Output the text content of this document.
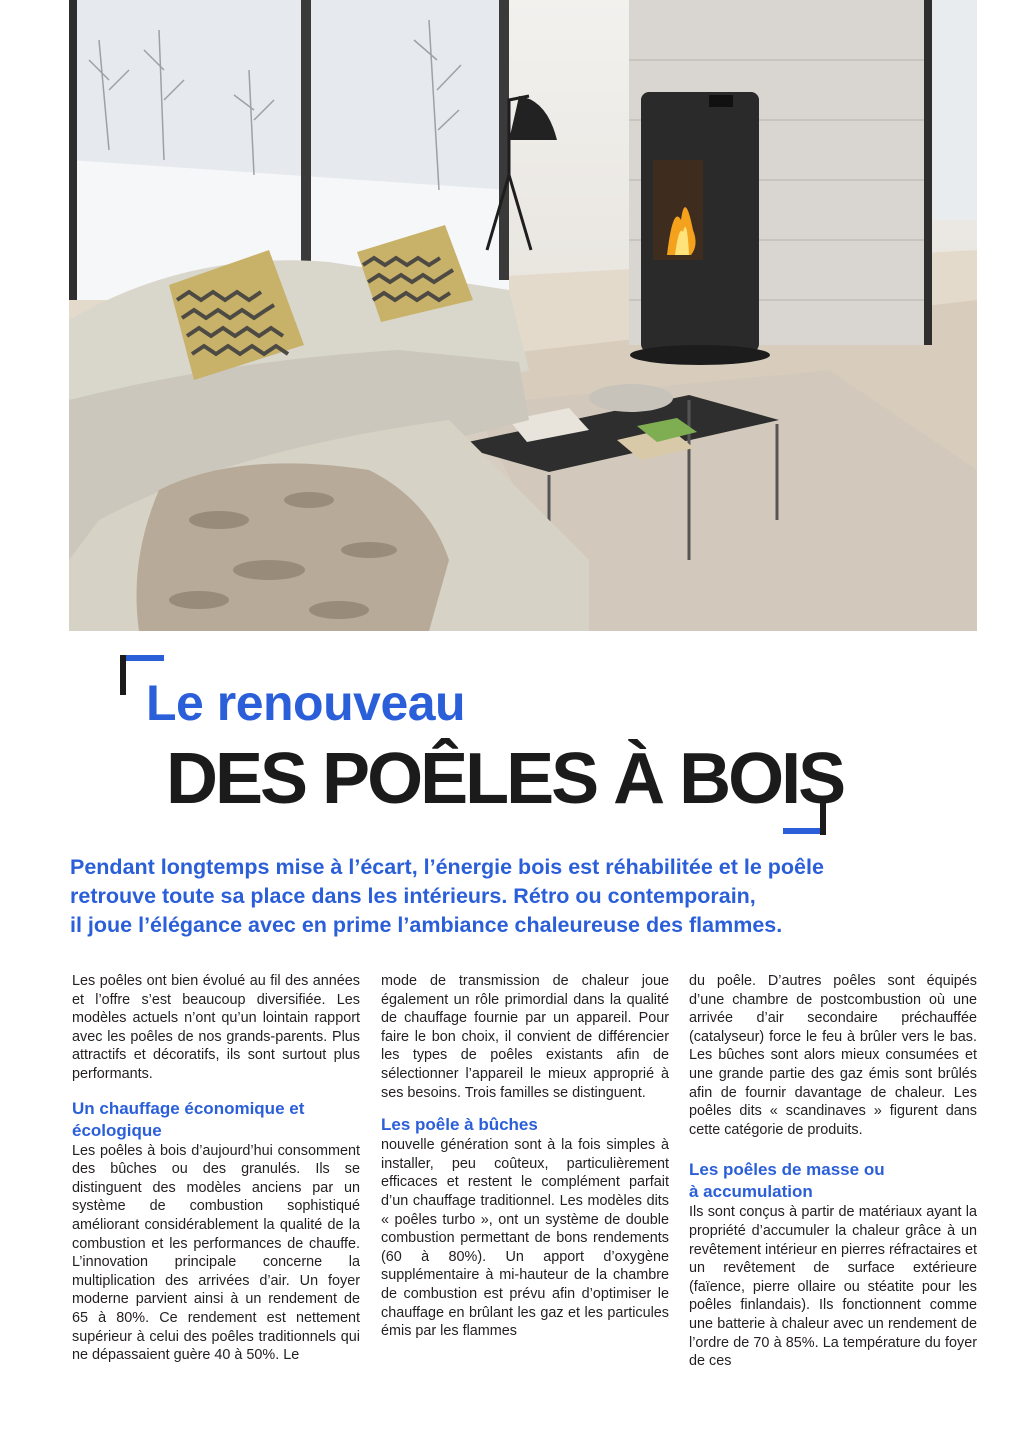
Le renouveau
DES POÊLES À BOIS

Pendant longtemps mise à l’écart, l’énergie bois est réhabilitée et le poêle

retrouve toute sa place dans les intérieurs. Rétro ou contemporain,

il joue l’élégance avec en prime l’ambiance chaleureuse des flammes.

Les poêles ont bien évolué au fil des années et l’offre s’est beaucoup diversifiée. Les modèles actuels n’ont qu’un lointain rapport avec les poêles de nos grands-parents. Plus attractifs et décoratifs, ils sont surtout plus performants.

Un chauffage économique et écologique

Les poêles à bois d’aujourd’hui consomment des bûches ou des granulés. Ils se distinguent des modèles anciens par un système de combustion sophistiqué améliorant considérablement la qualité de la combustion et les performances de chauffe. L’innovation principale concerne la multiplication des arrivées d’air. Un foyer moderne parvient ainsi à un rendement de 65 à 80%. Ce rendement est nettement supérieur à celui des poêles traditionnels qui ne dépassaient guère 40 à 50%. Le

mode de transmission de chaleur joue également un rôle primordial dans la qualité de chauffage fournie par un appareil. Pour faire le bon choix, il convient de différencier les types de poêles existants afin de sélectionner l’appareil le mieux approprié à ses besoins. Trois familles se distinguent.

Les poêle à bûches

nouvelle génération sont à la fois simples à installer, peu coûteux, particulièrement efficaces et restent le complément parfait d’un chauffage traditionnel. Les modèles dits « poêles turbo », ont un système de double combustion permettant de bons rendements (60 à 80%). Un apport d’oxygène supplémentaire à mi-hauteur de la chambre de combustion est prévu afin d’optimiser le chauffage en brûlant les gaz et les particules émis par les flammes

du poêle. D’autres poêles sont équipés d’une chambre de postcombustion où une arrivée d’air secondaire préchauffée (catalyseur) force le feu à brûler vers le bas. Les bûches sont alors mieux consumées et une grande partie des gaz émis sont brûlés afin de fournir davantage de chaleur. Les poêles dits « scandinaves » figurent dans cette catégorie de produits.

Les poêles de masse ou à accumulation

Ils sont conçus à partir de matériaux ayant la propriété d’accumuler la chaleur grâce à un revêtement intérieur en pierres réfractaires et un revêtement de surface extérieure (faïence, pierre ollaire ou stéatite pour les poêles finlandais). Ils fonctionnent comme une batterie à chaleur avec un rendement de l’ordre de 70 à 85%. La température du foyer de ces
